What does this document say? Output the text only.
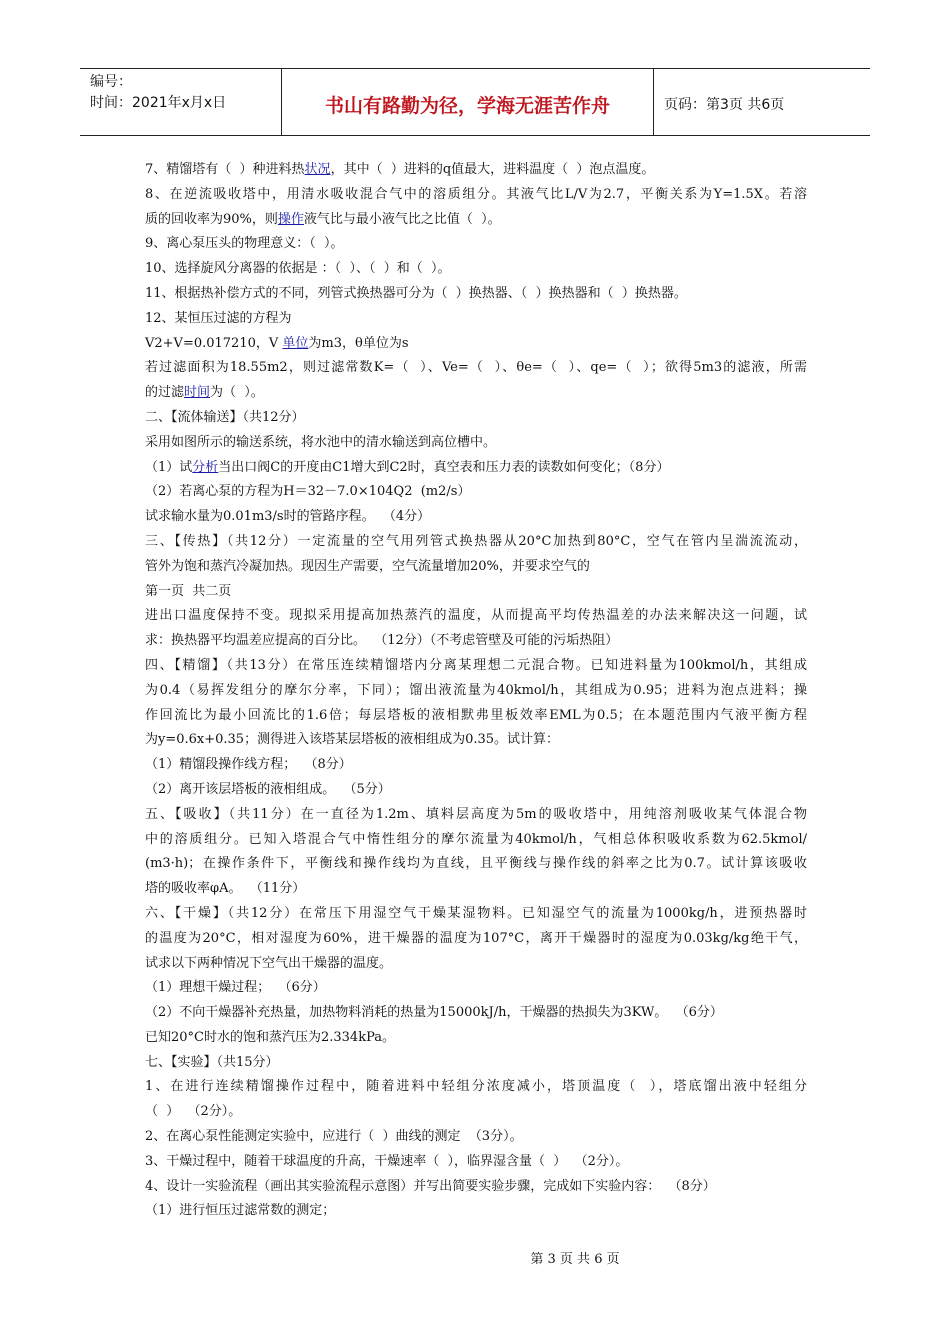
编号：
时间：2021年x月x日	书山有路勤为径，学海无涯苦作舟	页码：第3页 共6页
7、精馏塔有（  ）种进料热状况，其中（  ）进料的q值最大，进料温度（  ）泡点温度。
8、在逆流吸收塔中，用清水吸收混合气中的溶质组分。其液气比L/V为2.7，平衡关系为Y=1.5X。若溶
质的回收率为90%，则操作液气比与最小液气比之比值（  ）。
9、离心泵压头的物理意义：（  ）。
10、选择旋风分离器的依据是 ：（  ）、（  ）和（  ）。
11、根据热补偿方式的不同，列管式换热器可分为（  ）换热器、（  ）换热器和（  ）换热器。
12、某恒压过滤的方程为
V2+V=0.017210，V 单位为m3，θ单位为s
若过滤面积为18.55m2，则过滤常数K=（  ）、Ve=（  ）、θe=（  ）、qe=（  ）；欲得5m3的滤液，所需
的过滤时间为（  ）。
二、【流体输送】（共12分）
采用如图所示的输送系统，将水池中的清水输送到高位槽中。
（1）试分析当出口阀C的开度由C1增大到C2时，真空表和压力表的读数如何变化；（8分）
（2）若离心泵的方程为H＝32－7.0×104Q2  (m2/s）
试求输水量为0.01m3/s时的管路序程。  （4分）
三、【传热】（共12分）一定流量的空气用列管式换热器从20°C加热到80°C，空气在管内呈湍流流动，
管外为饱和蒸汽冷凝加热。现因生产需要，空气流量增加20%，并要求空气的
第一页  共二页
进出口温度保持不变。现拟采用提高加热蒸汽的温度，从而提高平均传热温差的办法来解决这一问题，试
求：换热器平均温差应提高的百分比。  （12分）（不考虑管壁及可能的污垢热阻）
四、【精馏】（共13分）在常压连续精馏塔内分离某理想二元混合物。已知进料量为100kmol/h，其组成
为0.4（易挥发组分的摩尔分率，下同）；馏出液流量为40kmol/h，其组成为0.95；进料为泡点进料；操
作回流比为最小回流比的1.6倍；每层塔板的液相默弗里板效率EML为0.5；在本题范围内气液平衡方程
为y=0.6x+0.35；测得进入该塔某层塔板的液相组成为0.35。试计算：
（1）精馏段操作线方程；  （8分）
（2）离开该层塔板的液相组成。  （5分）
五、【吸收】（共11分）在一直径为1.2m、填料层高度为5m的吸收塔中，用纯溶剂吸收某气体混合物
中的溶质组分。已知入塔混合气中惰性组分的摩尔流量为40kmol/h，气相总体积吸收系数为62.5kmol/
(m3·h)；在操作条件下，平衡线和操作线均为直线，且平衡线与操作线的斜率之比为0.7。试计算该吸收
塔的吸收率φA。  （11分）
六、【干燥】（共12分）在常压下用湿空气干燥某湿物料。已知湿空气的流量为1000kg/h，进预热器时
的温度为20°C，相对湿度为60%，进干燥器的温度为107°C，离开干燥器时的湿度为0.03kg/kg绝干气，
试求以下两种情况下空气出干燥器的温度。
（1）理想干燥过程；  （6分）
（2）不向干燥器补充热量，加热物料消耗的热量为15000kJ/h，干燥器的热损失为3KW。  （6分）
已知20°C时水的饱和蒸汽压为2.334kPa。
七、【实验】（共15分）
1、在进行连续精馏操作过程中，随着进料中轻组分浓度减小，塔顶温度（  ），塔底馏出液中轻组分
（  ）  （2分）。
2、在离心泵性能测定实验中，应进行（  ）曲线的测定  （3分）。
3、干燥过程中，随着干球温度的升高，干燥速率（  ），临界湿含量（  ）  （2分）。
4、设计一实验流程（画出其实验流程示意图）并写出简要实验步骤，完成如下实验内容：  （8分）
（1）进行恒压过滤常数的测定；
第 3 页 共 6 页
